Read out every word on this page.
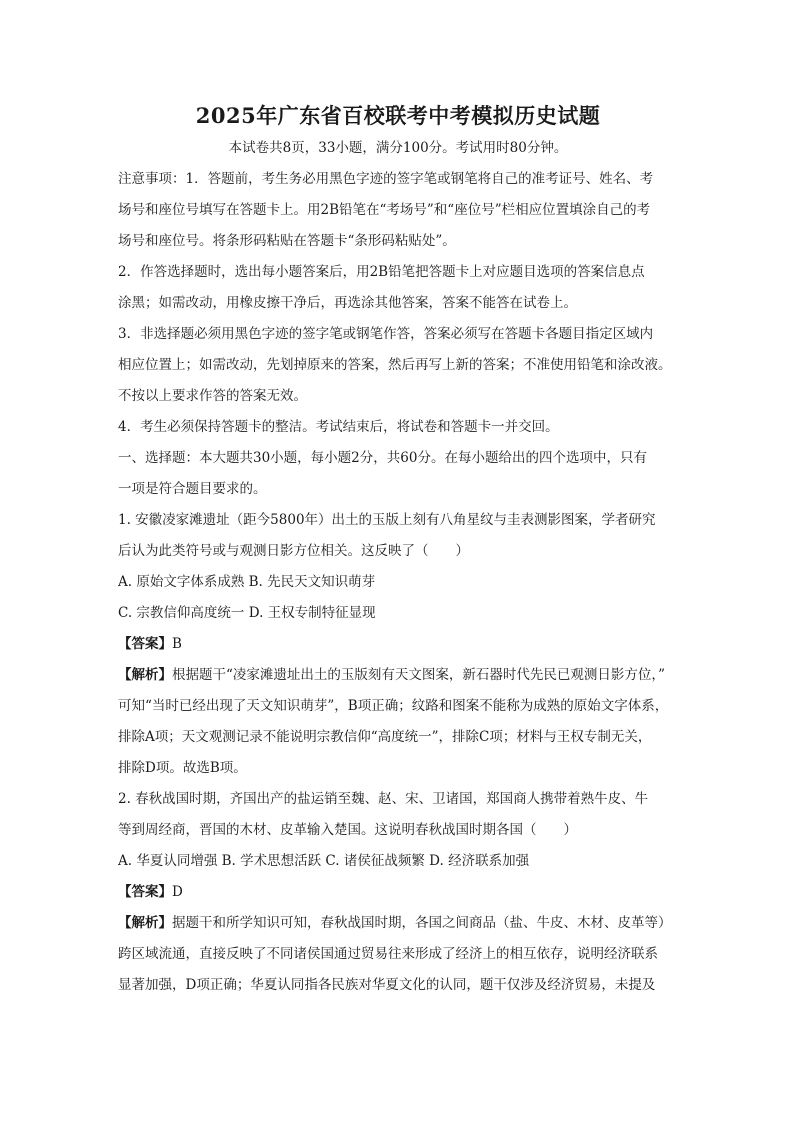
2025年广东省百校联考中考模拟历史试题

本试卷共8页，33小题，满分100分。考试用时80分钟。

注意事项：1．答题前，考生务必用黑色字迹的签字笔或钢笔将自己的准考证号、姓名、考

场号和座位号填写在答题卡上。用2B铅笔在“考场号”和“座位号”栏相应位置填涂自己的考

场号和座位号。将条形码粘贴在答题卡“条形码粘贴处”。

2．作答选择题时，选出每小题答案后，用2B铅笔把答题卡上对应题目选项的答案信息点

涂黑；如需改动，用橡皮擦干净后，再选涂其他答案，答案不能答在试卷上。

3．非选择题必须用黑色字迹的签字笔或钢笔作答，答案必须写在答题卡各题目指定区域内

相应位置上；如需改动，先划掉原来的答案，然后再写上新的答案；不准使用铅笔和涂改液。

不按以上要求作答的答案无效。

4．考生必须保持答题卡的整洁。考试结束后，将试卷和答题卡一并交回。

一、选择题：本大题共30小题，每小题2分，共60分。在每小题给出的四个选项中，只有

一项是符合题目要求的。

1. 安徽凌家滩遗址（距今5800年）出土的玉版上刻有八角星纹与圭表测影图案，学者研究

后认为此类符号或与观测日影方位相关。这反映了（　　）

A. 原始文字体系成熟 B. 先民天文知识萌芽

C. 宗教信仰高度统一 D. 王权专制特征显现

【答案】B

【解析】根据题干“凌家滩遗址出土的玉版刻有天文图案，新石器时代先民已观测日影方位，”

可知“当时已经出现了天文知识萌芽”，B项正确；纹路和图案不能称为成熟的原始文字体系，

排除A项；天文观测记录不能说明宗教信仰“高度统一”，排除C项；材料与王权专制无关，

排除D项。故选B项。

2. 春秋战国时期，齐国出产的盐运销至魏、赵、宋、卫诸国，郑国商人携带着熟牛皮、牛

等到周经商，晋国的木材、皮革输入楚国。这说明春秋战国时期各国（　　）

A. 华夏认同增强 B. 学术思想活跃 C. 诸侯征战频繁 D. 经济联系加强

【答案】D

【解析】据题干和所学知识可知，春秋战国时期，各国之间商品（盐、牛皮、木材、皮革等）

跨区域流通，直接反映了不同诸侯国通过贸易往来形成了经济上的相互依存，说明经济联系

显著加强，D项正确；华夏认同指各民族对华夏文化的认同，题干仅涉及经济贸易，未提及
